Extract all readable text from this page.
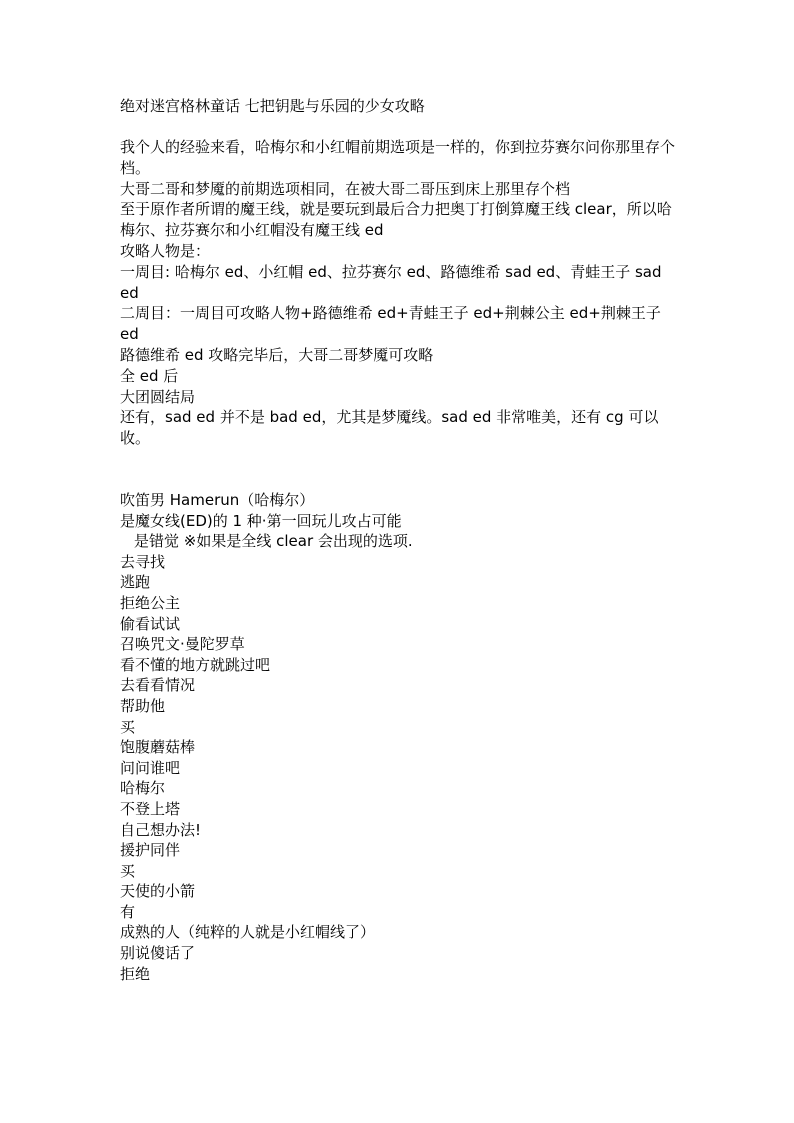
绝对迷宫格林童话 七把钥匙与乐园的少女攻略

我个人的经验来看，哈梅尔和小红帽前期选项是一样的，你到拉芬赛尔问你那里存个档。

大哥二哥和梦魇的前期选项相同，在被大哥二哥压到床上那里存个档

至于原作者所谓的魔王线，就是要玩到最后合力把奥丁打倒算魔王线 clear，所以哈梅尔、拉芬赛尔和小红帽没有魔王线 ed

攻略人物是：

一周目: 哈梅尔 ed、小红帽 ed、拉芬赛尔 ed、路德维希 sad ed、青蛙王子 sad ed

二周目：一周目可攻略人物+路德维希 ed+青蛙王子 ed+荆棘公主 ed+荆棘王子 ed

路德维希 ed 攻略完毕后，大哥二哥梦魇可攻略

全 ed 后

大团圆结局

还有，sad ed 并不是 bad ed，尤其是梦魇线。sad ed 非常唯美，还有 cg 可以收。

吹笛男 Hamerun（哈梅尔）

是魔女线(ED)的 1 种·第一回玩儿攻占可能

是错觉 ※如果是全线 clear 会出现的选项.

去寻找

逃跑

拒绝公主

偷看试试

召唤咒文·曼陀罗草

看不懂的地方就跳过吧

去看看情况

帮助他

买

饱腹蘑菇棒

问问谁吧

哈梅尔

不登上塔

自己想办法!

援护同伴

买

天使的小箭

有

成熟的人（纯粹的人就是小红帽线了）

别说傻话了

拒绝
